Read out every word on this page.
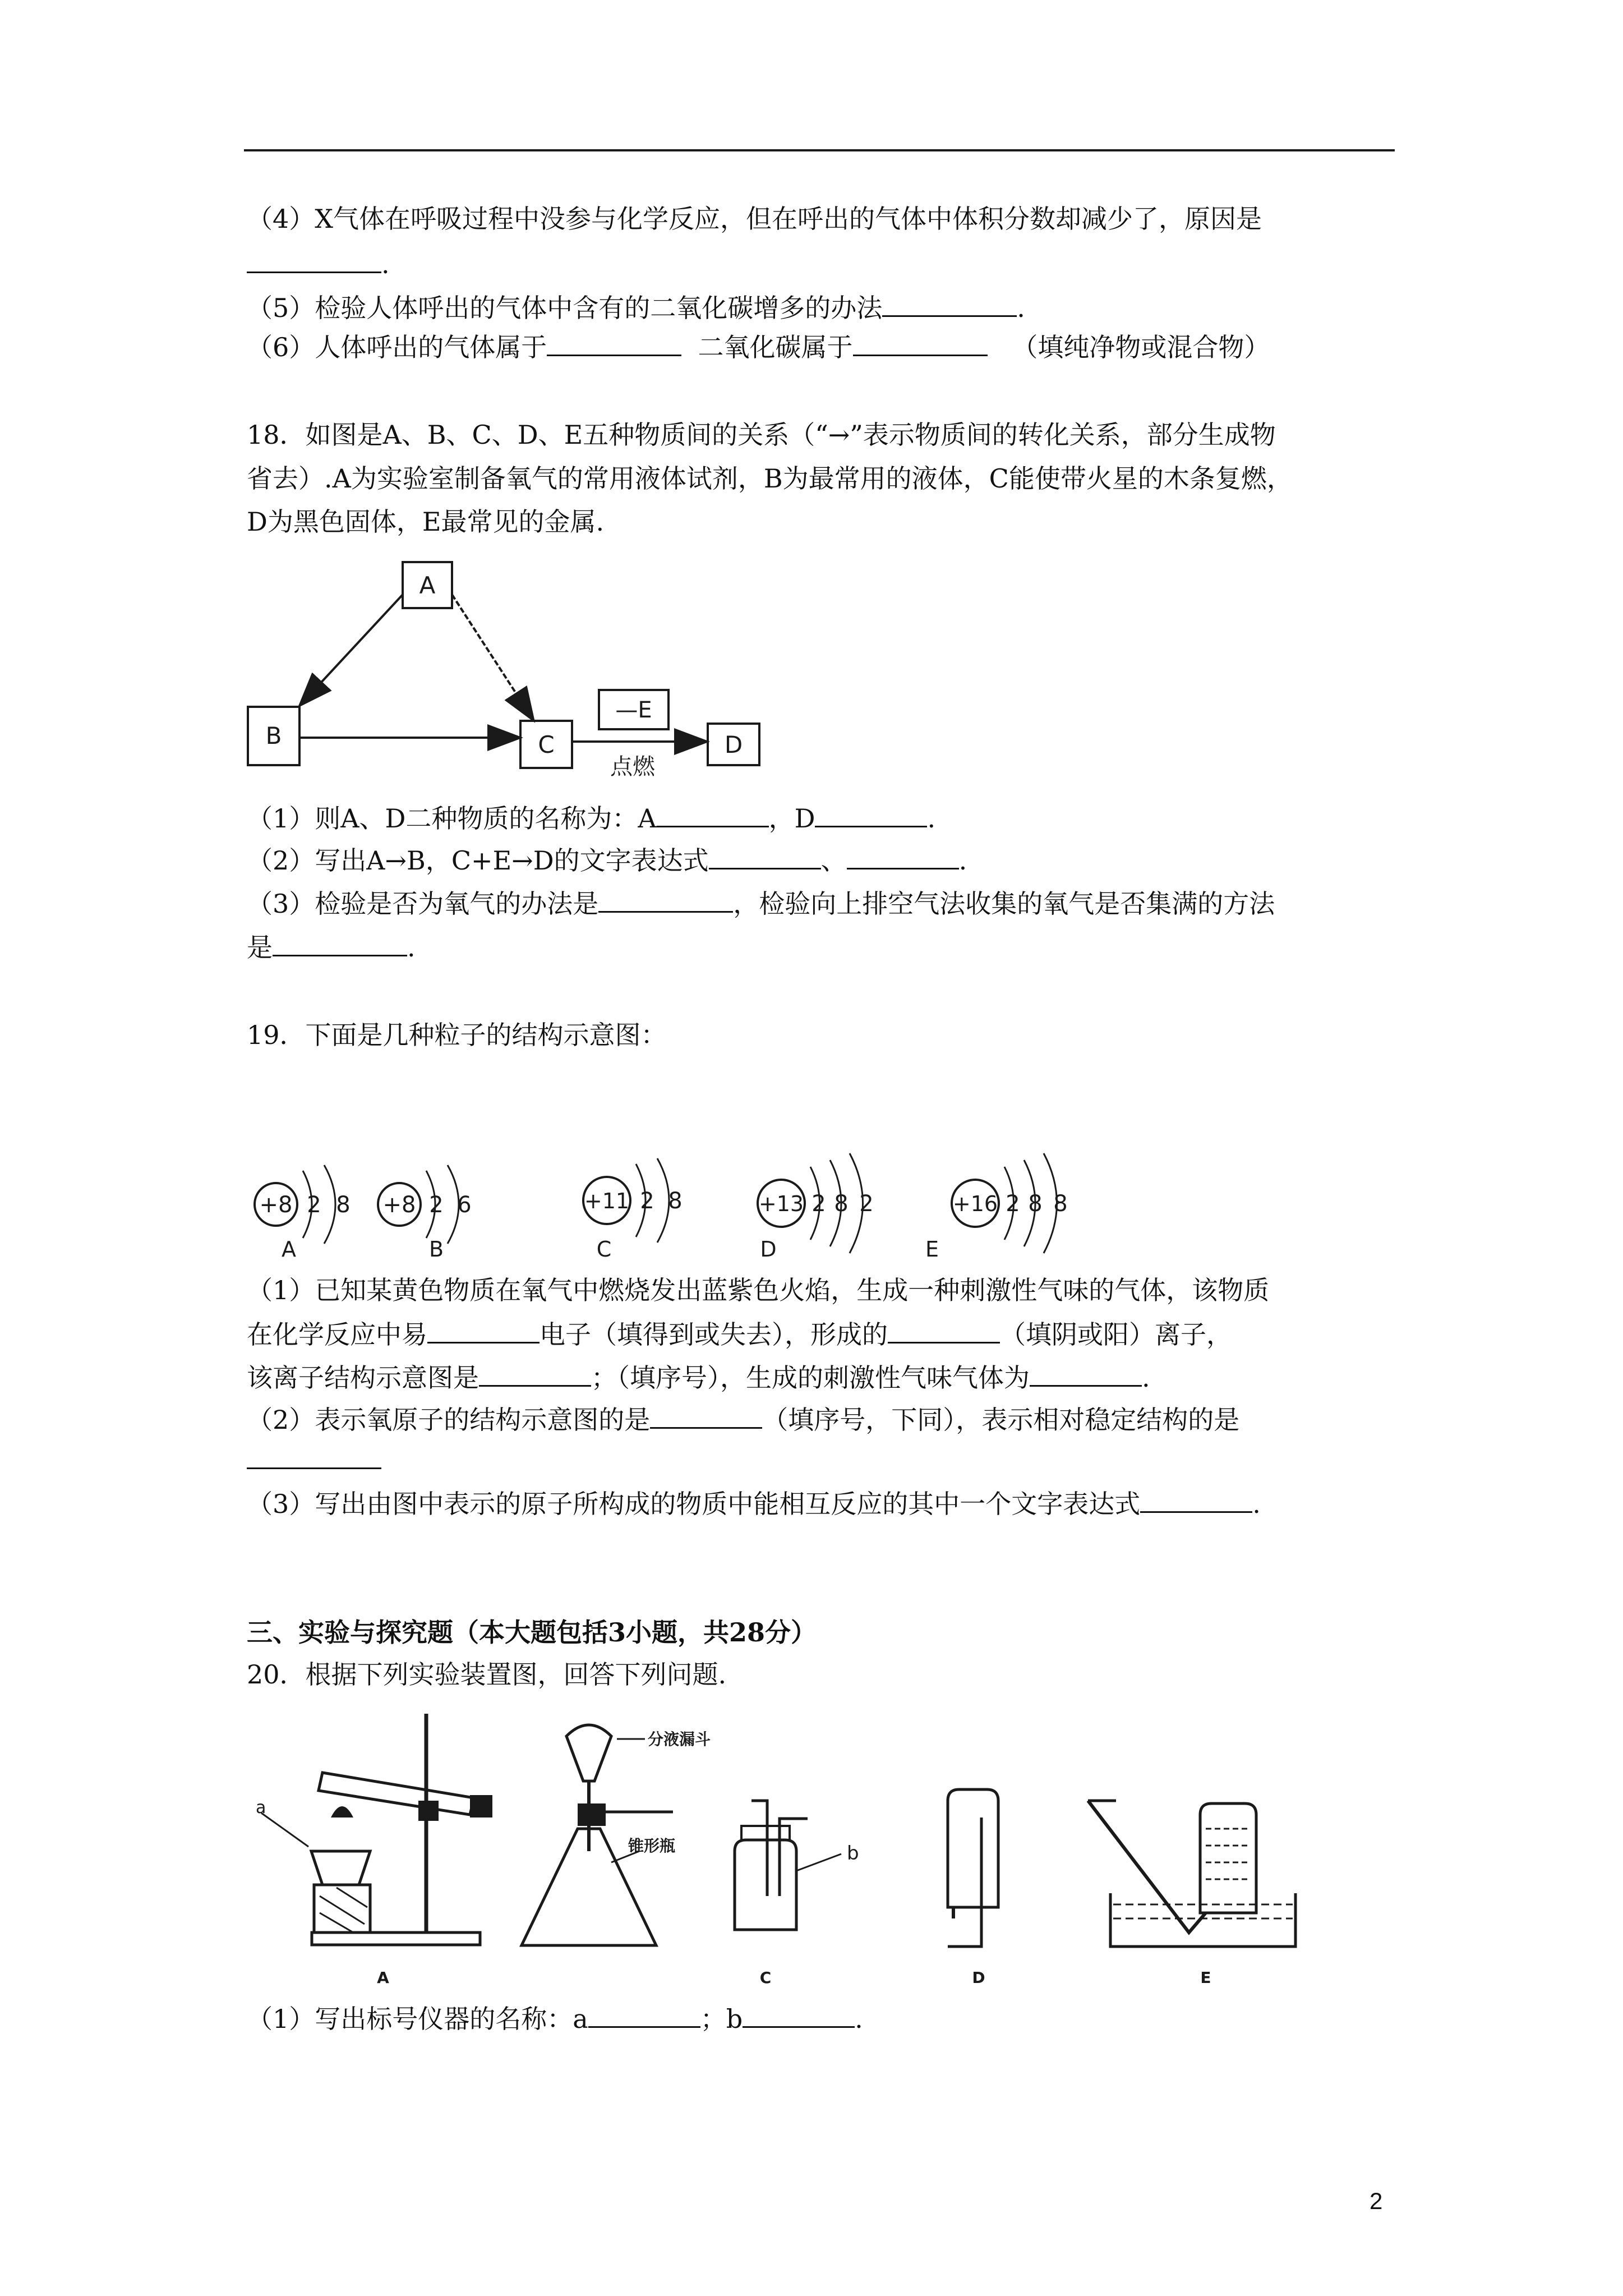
（4）X气体在呼吸过程中没参与化学反应，但在呼出的气体中体积分数却减少了，原因是
.
（5）检验人体呼出的气体中含有的二氧化碳增多的办法	.
（6）人体呼出的气体属于	二氧化碳属于	（填纯净物或混合物）
18．如图是A、B、C、D、E五种物质间的关系（“→”表示物质间的转化关系，部分生成物
省去）.A为实验室制备氧气的常用液体试剂，B为最常用的液体，C能使带火星的木条复燃，
D为黑色固体，E最常见的金属.
A
B	C	D
—E
点燃
（1）则A、D二种物质的名称为：A	，D	.
（2）写出A→B，C+E→D的文字表达式	、	.
（3）检验是否为氧气的办法是	，检验向上排空气法收集的氧气是否集满的方法
是	.
19．下面是几种粒子的结构示意图：
+8 2 8
A
+8 2 6
B
+11 2 8
C
+13 2 8 2
D
+16 2 8 8
E
（1）已知某黄色物质在氧气中燃烧发出蓝紫色火焰，生成一种刺激性气味的气体，该物质
在化学反应中易	电子（填得到或失去），形成的	（填阴或阳）离子，
该离子结构示意图是	；（填序号），生成的刺激性气味气体为	.
（2）表示氧原子的结构示意图的是	（填序号，下同），表示相对稳定结构的是
（3）写出由图中表示的原子所构成的物质中能相互反应的其中一个文字表达式	.
三、实验与探究题（本大题包括3小题，共28分）
20．根据下列实验装置图，回答下列问题.
a
A
分液漏斗
锥形瓶	b
C	D	E
（1）写出标号仪器的名称：a	；b	.
2
